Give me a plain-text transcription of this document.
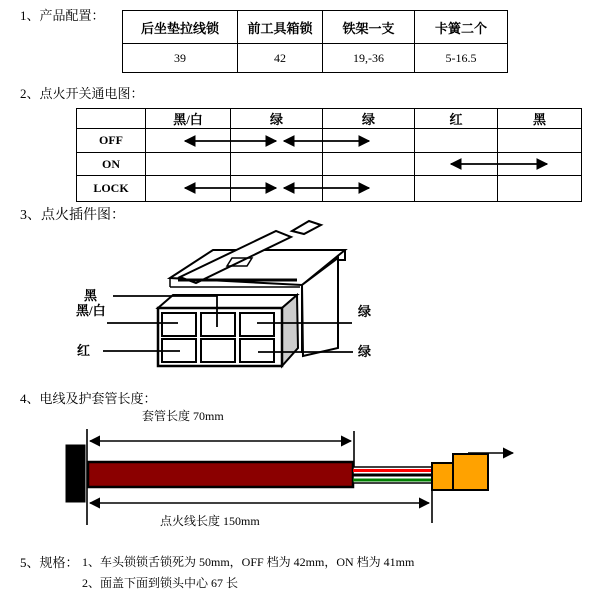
1、产品配置：
后坐垫拉线锁	前工具箱锁	铁架一支	卡簧二个
39	42	19,-36	5-16.5
2、点火开关通电图：
	黑/白	绿	绿	红	黑
OFF					
ON					
LOCK					
3、点火插件图：
黑
黑/白
红
绿
绿
4、电线及护套管长度：
套管长度 70mm
点火线长度 150mm
5、规格： 1、车头锁锁舌锁死为 50mm，OFF 档为 42mm，ON 档为 41mm
2、面盖下面到锁头中心 67 长
